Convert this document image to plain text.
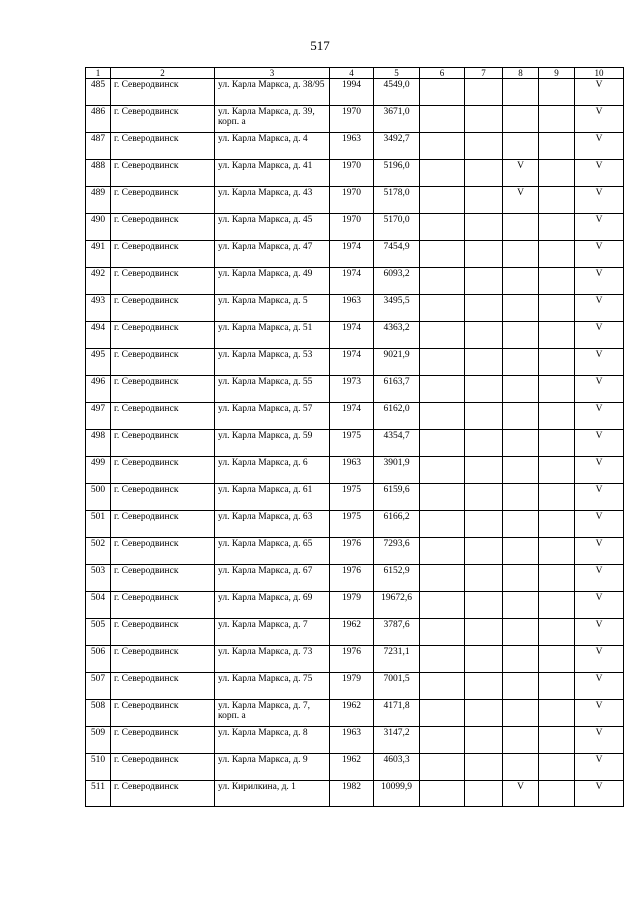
517
1	2	3	4	5	6	7	8	9	10
485	г. Северодвинск	ул. Карла Маркса, д. 38/95	1994	4549,0					V
486	г. Северодвинск	ул. Карла Маркса, д. 39, корп. а	1970	3671,0					V
487	г. Северодвинск	ул. Карла Маркса, д. 4	1963	3492,7					V
488	г. Северодвинск	ул. Карла Маркса, д. 41	1970	5196,0			V		V
489	г. Северодвинск	ул. Карла Маркса, д. 43	1970	5178,0			V		V
490	г. Северодвинск	ул. Карла Маркса, д. 45	1970	5170,0					V
491	г. Северодвинск	ул. Карла Маркса, д. 47	1974	7454,9					V
492	г. Северодвинск	ул. Карла Маркса, д. 49	1974	6093,2					V
493	г. Северодвинск	ул. Карла Маркса, д. 5	1963	3495,5					V
494	г. Северодвинск	ул. Карла Маркса, д. 51	1974	4363,2					V
495	г. Северодвинск	ул. Карла Маркса, д. 53	1974	9021,9					V
496	г. Северодвинск	ул. Карла Маркса, д. 55	1973	6163,7					V
497	г. Северодвинск	ул. Карла Маркса, д. 57	1974	6162,0					V
498	г. Северодвинск	ул. Карла Маркса, д. 59	1975	4354,7					V
499	г. Северодвинск	ул. Карла Маркса, д. 6	1963	3901,9					V
500	г. Северодвинск	ул. Карла Маркса, д. 61	1975	6159,6					V
501	г. Северодвинск	ул. Карла Маркса, д. 63	1975	6166,2					V
502	г. Северодвинск	ул. Карла Маркса, д. 65	1976	7293,6					V
503	г. Северодвинск	ул. Карла Маркса, д. 67	1976	6152,9					V
504	г. Северодвинск	ул. Карла Маркса, д. 69	1979	19672,6					V
505	г. Северодвинск	ул. Карла Маркса, д. 7	1962	3787,6					V
506	г. Северодвинск	ул. Карла Маркса, д. 73	1976	7231,1					V
507	г. Северодвинск	ул. Карла Маркса, д. 75	1979	7001,5					V
508	г. Северодвинск	ул. Карла Маркса, д. 7, корп. а	1962	4171,8					V
509	г. Северодвинск	ул. Карла Маркса, д. 8	1963	3147,2					V
510	г. Северодвинск	ул. Карла Маркса, д. 9	1962	4603,3					V
511	г. Северодвинск	ул. Кирилкина, д. 1	1982	10099,9			V		V
